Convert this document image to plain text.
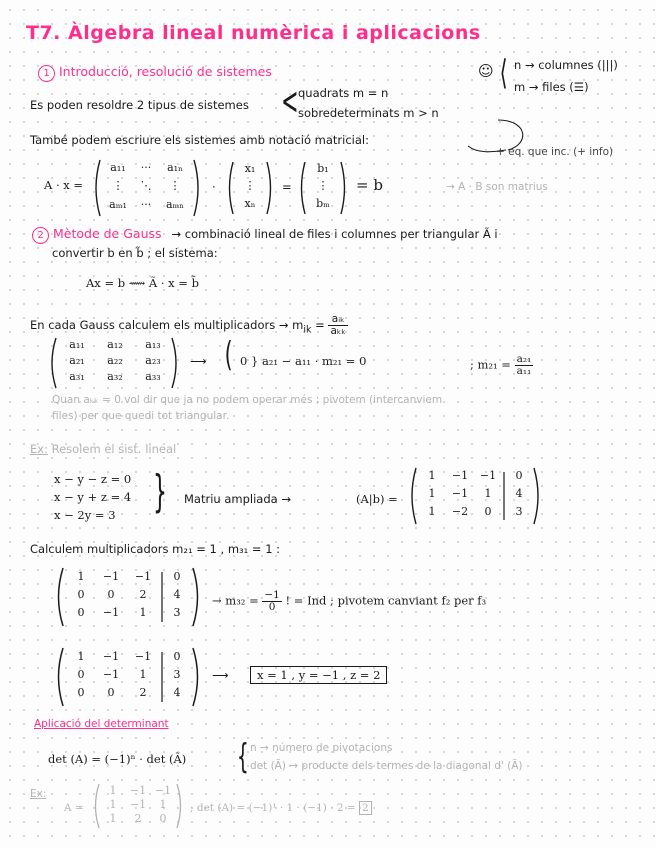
T7. Àlgebra lineal numèrica i aplicacions
1 Introducció, resolució de sistemes	☺ ⟨ n → columnes (|||)
m → files (☰)
Es poden resoldre 2 tipus de sistemes < quadrats m = n
sobredeterminats m > n
També podem escriure els sistemes amb notació matricial:
+ eq. que inc. (+ info)
A · x =
a₁₁	···	a₁ₙ
⋮	⋱	⋮
aₘ₁	···	aₘₙ
·
x₁
⋮
xₙ
=
b₁
⋮
bₘ
= b	→ A · B son matrius
2 Mètode de Gauss → combinació lineal de files i columnes per triangular Ã i
convertir b en b̃ ; el sistema:
Ax = b ⟿ Ã · x = b̃
En cada Gauss calculem els multiplicadors → $m_{ik} = \frac{\text{aᵢₖ}}{\text{aₖₖ}}$
a₁₁	a₁₂	a₁₃
a₂₁	a₂₂	a₂₃
a₃₁	a₃₂	a₃₃
⟶ ( 0 } a₂₁ − a₁₁ · m₂₁ = 0	; $m_{21} = \frac{\text{a₂₁}}{\text{a₁₁}}$
Quan aₖₖ = 0 vol dir que ja no podem operar més ; pivotem (intercanviem
files) per que quedi tot triangular.
Ex: Resolem el sist. lineal
x − y − z = 0
x − y + z = 4
x − 2y = 3 } Matriu ampliada →	(A|b) =
1	−1	−1	0
1	−1	1	4
1	−2	0	3
Calculem multiplicadors m₂₁ = 1 , m₃₁ = 1 :
1	−1	−1	0
0	0	2	4
0	−1	1	3
→ $m_{32} = \frac{-1}{0}$ ! = Ind ; pivotem canviant f₂ per f₃
1	−1	−1	0
0	−1	1	3
0	0	2	4
⟶	x = 1 , y = −1 , z = 2
Aplicació del determinant
det (A) = (−1)ⁿ · det (Ã) { n → número de pivotacions
det (Ã) → producte dels termes de la diagonal d' (Ã)
Ex:
A =
1	−1 −1
1	−1	1
1	2	0
; det (A) = (−1)¹ · 1 · (−1) · 2 = 2
